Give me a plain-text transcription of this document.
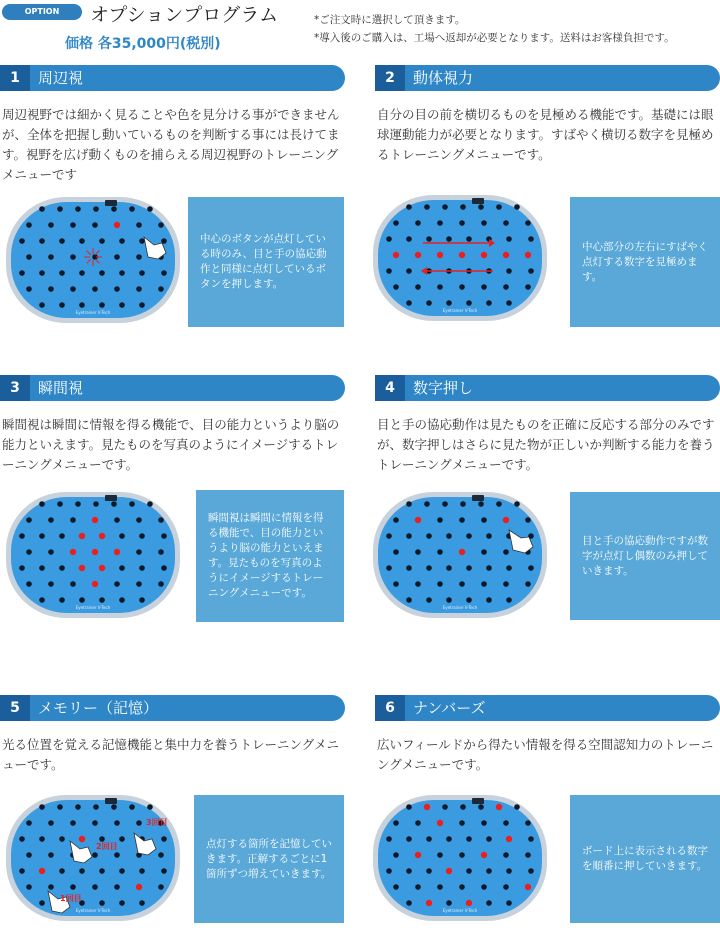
OPTION PROGRAM
オプションプログラム
価格 各35,000円(税別)
*ご注文時に選択して頂きます。
*導入後のご購入は、工場へ返却が必要となります。送料はお客様負担です。
1	周辺視
周辺視野では細かく見ることや色を見分ける事ができませんが、全体を把握し動いているものを判断する事には長けてます。視野を広げ動くものを捕らえる周辺視野のトレーニングメニューです
Eyetrainer V-Tech
中心のボタンが点灯している時のみ、目と手の協応動作と同様に点灯しているボタンを押します。
2	動体視力
自分の目の前を横切るものを見極める機能です。基礎には眼球運動能力が必要となります。すばやく横切る数字を見極めるトレーニングメニューです。
Eyetrainer V-Tech
中心部分の左右にすばやく点灯する数字を見極めます。
3	瞬間視
瞬間視は瞬間に情報を得る機能で、目の能力というより脳の能力といえます。見たものを写真のようにイメージするトレーニングメニューです。
Eyetrainer V-Tech
瞬間視は瞬間に情報を得る機能で、目の能力というより脳の能力といえます。見たものを写真のようにイメージするトレーニングメニューです。
4	数字押し
目と手の協応動作は見たものを正確に反応する部分のみですが、数字押しはさらに見た物が正しいか判断する能力を養うトレーニングメニューです。
Eyetrainer V-Tech
目と手の協応動作ですが数字が点灯し偶数のみ押していきます。
5	メモリー（記憶）
光る位置を覚える記憶機能と集中力を養うトレーニングメニューです。
Eyetrainer V-Tech
1回目
2回目
3回目
点灯する箇所を記憶していきます。正解するごとに1箇所ずつ増えていきます。
6	ナンバーズ
広いフィールドから得たい情報を得る空間認知力のトレーニングメニューです。
Eyetrainer V-Tech
ボード上に表示される数字を順番に押していきます。
